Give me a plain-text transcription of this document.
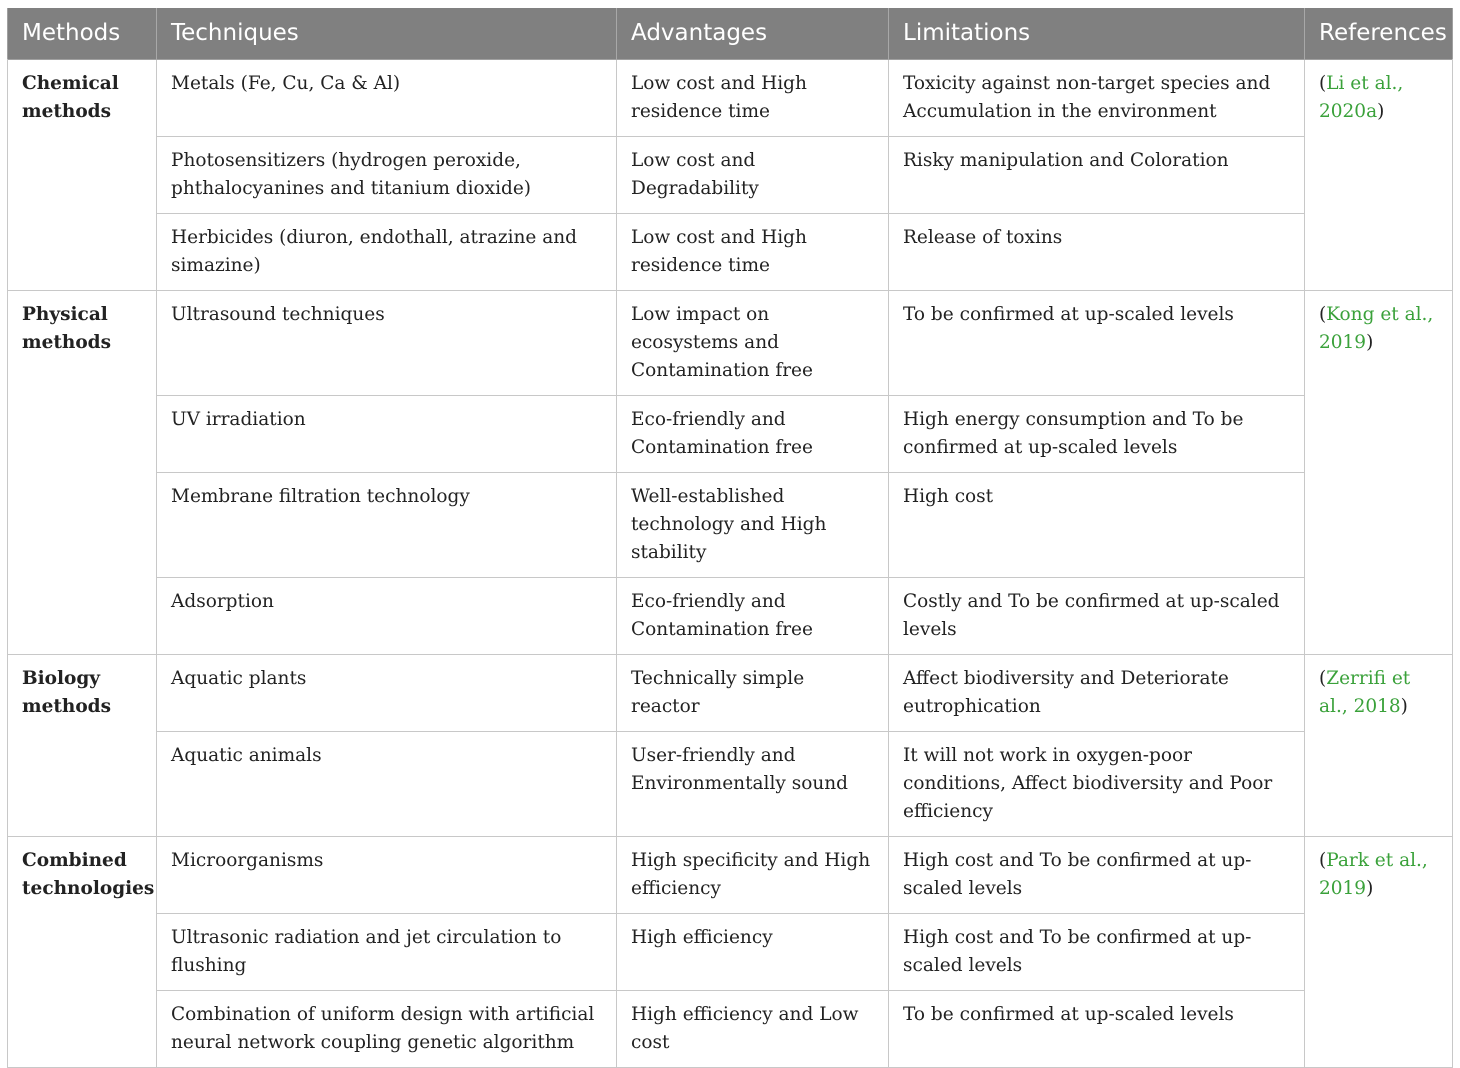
Methods	Techniques	Advantages	Limitations	References
Chemical methods	Metals (Fe, Cu, Ca & Al)	Low cost and High residence time	Toxicity against non-target species and Accumulation in the environment	(Li et al., 2020a)
	Photosensitizers (hydrogen peroxide, phthalocyanines and titanium dioxide)	Low cost and Degradability	Risky manipulation and Coloration	
	Herbicides (diuron, endothall, atrazine and simazine)	Low cost and High residence time	Release of toxins	
Physical methods	Ultrasound techniques	Low impact on ecosystems and Contamination free	To be confirmed at up-scaled levels	(Kong et al., 2019)
	UV irradiation	Eco-friendly and Contamination free	High energy consumption and To be confirmed at up-scaled levels	
	Membrane filtration technology	Well-established technology and High stability	High cost	
	Adsorption	Eco-friendly and Contamination free	Costly and To be confirmed at up-scaled levels	
Biology methods	Aquatic plants	Technically simple reactor	Affect biodiversity and Deteriorate eutrophication	(Zerrifi et al., 2018)
	Aquatic animals	User-friendly and Environmentally sound	It will not work in oxygen-poor conditions, Affect biodiversity and Poor efficiency	
Combined technologies	Microorganisms	High specificity and High efficiency	High cost and To be confirmed at up-scaled levels	(Park et al., 2019)
	Ultrasonic radiation and jet circulation to flushing	High efficiency	High cost and To be confirmed at up-scaled levels	
	Combination of uniform design with artificial neural network coupling genetic algorithm	High efficiency and Low cost	To be confirmed at up-scaled levels	
